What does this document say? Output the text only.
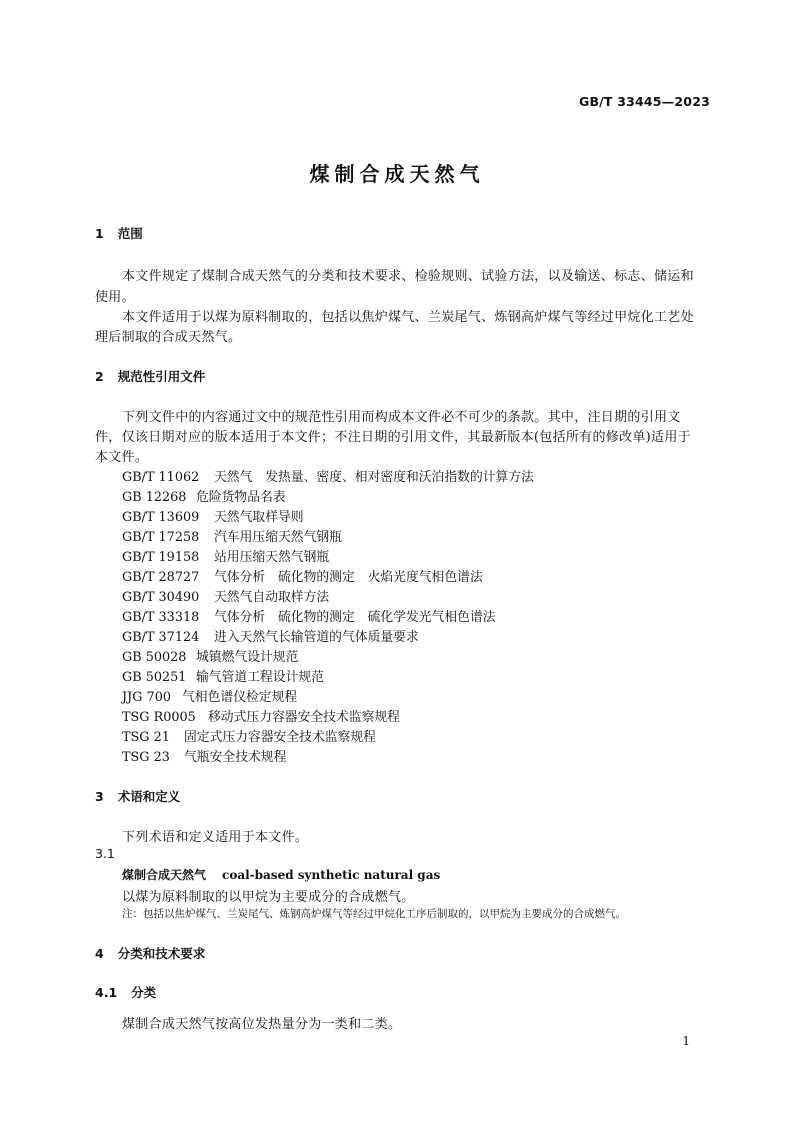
GB/T 33445—2023
煤制合成天然气
1 范围
本文件规定了煤制合成天然气的分类和技术要求、检验规则、试验方法，以及输送、标志、储运和
使用。
本文件适用于以煤为原料制取的，包括以焦炉煤气、兰炭尾气、炼钢高炉煤气等经过甲烷化工艺处
理后制取的合成天然气。
2 规范性引用文件
下列文件中的内容通过文中的规范性引用而构成本文件必不可少的条款。其中，注日期的引用文
件，仅该日期对应的版本适用于本文件；不注日期的引用文件，其最新版本(包括所有的修改单)适用于
本文件。
GB/T 11062 天然气　发热量、密度、相对密度和沃泊指数的计算方法
GB 12268 危险货物品名表
GB/T 13609 天然气取样导则
GB/T 17258 汽车用压缩天然气钢瓶
GB/T 19158 站用压缩天然气钢瓶
GB/T 28727 气体分析　硫化物的测定　火焰光度气相色谱法
GB/T 30490 天然气自动取样方法
GB/T 33318 气体分析　硫化物的测定　硫化学发光气相色谱法
GB/T 37124 进入天然气长输管道的气体质量要求
GB 50028 城镇燃气设计规范
GB 50251 输气管道工程设计规范
JJG 700 气相色谱仪检定规程
TSG R0005 移动式压力容器安全技术监察规程
TSG 21 固定式压力容器安全技术监察规程
TSG 23 气瓶安全技术规程
3 术语和定义
下列术语和定义适用于本文件。
3.1
煤制合成天然气 coal-based synthetic natural gas
以煤为原料制取的以甲烷为主要成分的合成燃气。
注：包括以焦炉煤气、兰炭尾气、炼钢高炉煤气等经过甲烷化工序后制取的，以甲烷为主要成分的合成燃气。
4 分类和技术要求
4.1 分类
煤制合成天然气按高位发热量分为一类和二类。
1
